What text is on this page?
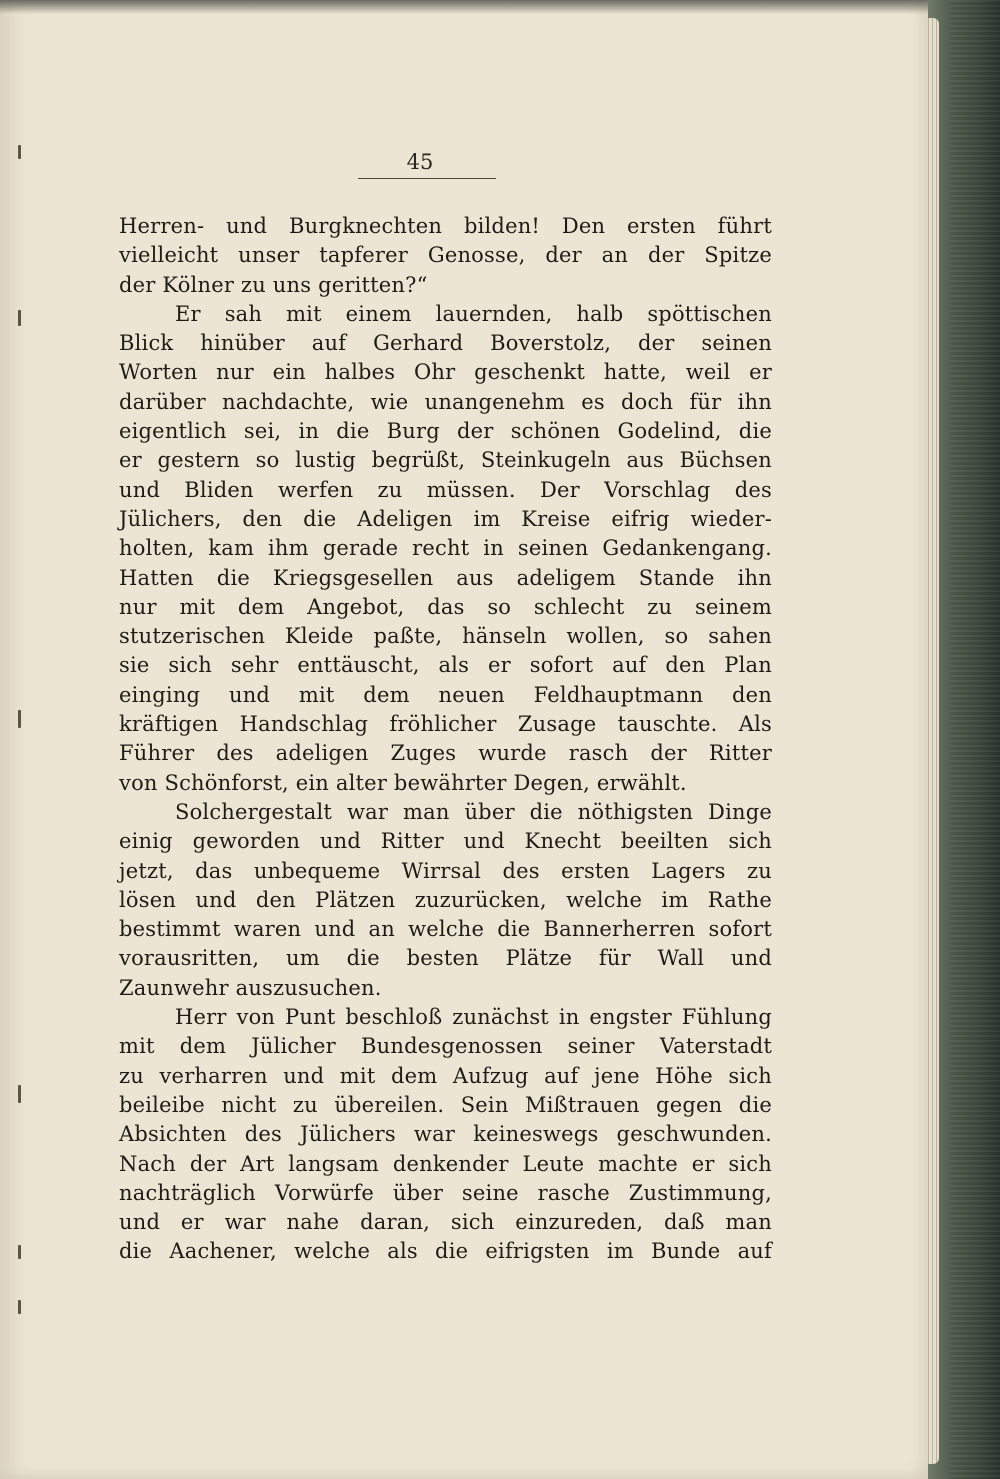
45
Herren- und Burgknechten bilden! Den ersten führt
vielleicht unser tapferer Genosse, der an der Spitze
der Kölner zu uns geritten?“
Er sah mit einem lauernden, halb spöttischen
Blick hinüber auf Gerhard Boverstolz, der seinen
Worten nur ein halbes Ohr geschenkt hatte, weil er
darüber nachdachte, wie unangenehm es doch für ihn
eigentlich sei, in die Burg der schönen Godelind, die
er gestern so lustig begrüßt, Steinkugeln aus Büchsen
und Bliden werfen zu müssen. Der Vorschlag des
Jülichers, den die Adeligen im Kreise eifrig wieder-
holten, kam ihm gerade recht in seinen Gedankengang.
Hatten die Kriegsgesellen aus adeligem Stande ihn
nur mit dem Angebot, das so schlecht zu seinem
stutzerischen Kleide paßte, hänseln wollen, so sahen
sie sich sehr enttäuscht, als er sofort auf den Plan
einging und mit dem neuen Feldhauptmann den
kräftigen Handschlag fröhlicher Zusage tauschte. Als
Führer des adeligen Zuges wurde rasch der Ritter
von Schönforst, ein alter bewährter Degen, erwählt.
Solchergestalt war man über die nöthigsten Dinge
einig geworden und Ritter und Knecht beeilten sich
jetzt, das unbequeme Wirrsal des ersten Lagers zu
lösen und den Plätzen zuzurücken, welche im Rathe
bestimmt waren und an welche die Bannerherren sofort
vorausritten, um die besten Plätze für Wall und
Zaunwehr auszusuchen.
Herr von Punt beschloß zunächst in engster Fühlung
mit dem Jülicher Bundesgenossen seiner Vaterstadt
zu verharren und mit dem Aufzug auf jene Höhe sich
beileibe nicht zu übereilen. Sein Mißtrauen gegen die
Absichten des Jülichers war keineswegs geschwunden.
Nach der Art langsam denkender Leute machte er sich
nachträglich Vorwürfe über seine rasche Zustimmung,
und er war nahe daran, sich einzureden, daß man
die Aachener, welche als die eifrigsten im Bunde auf
